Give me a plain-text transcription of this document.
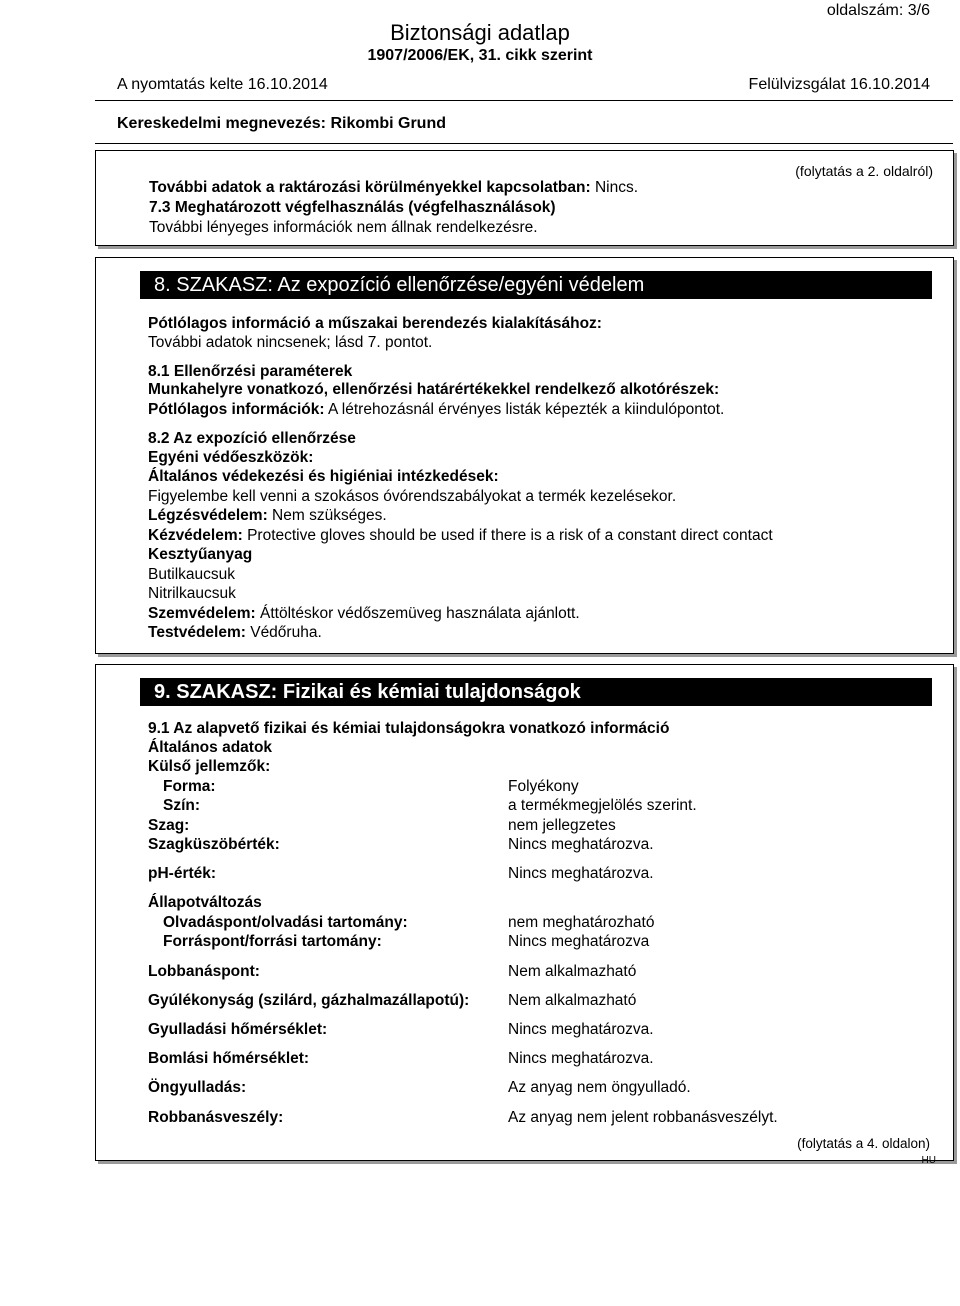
oldalszám: 3/6
Biztonsági adatlap
1907/2006/EK, 31. cikk szerint
A nyomtatás kelte 16.10.2014	Felülvizsgálat 16.10.2014
Kereskedelmi megnevezés: Rikombi Grund
(folytatás a 2. oldalról)
További adatok a raktározási körülményekkel kapcsolatban: Nincs.
7.3 Meghatározott végfelhasználás (végfelhasználások)
További lényeges információk nem állnak rendelkezésre.
8. SZAKASZ: Az expozíció ellenőrzése/egyéni védelem
Pótlólagos információ a műszakai berendezés kialakításához:
További adatok nincsenek; lásd 7. pontot.
8.1 Ellenőrzési paraméterek
Munkahelyre vonatkozó, ellenőrzési határértékekkel rendelkező alkotórészek:
Pótlólagos információk: A létrehozásnál érvényes listák képezték a kiindulópontot.
8.2 Az expozíció ellenőrzése
Egyéni védőeszközök:
Általános védekezési és higiéniai intézkedések:
Figyelembe kell venni a szokásos óvórendszabályokat a termék kezelésekor.
Légzésvédelem: Nem szükséges.
Kézvédelem: Protective gloves should be used if there is a risk of a constant direct contact
Kesztyűanyag
Butilkaucsuk
Nitrilkaucsuk
Szemvédelem: Áttöltéskor védőszemüveg használata ajánlott.
Testvédelem: Védőruha.
9. SZAKASZ: Fizikai és kémiai tulajdonságok
9.1 Az alapvető fizikai és kémiai tulajdonságokra vonatkozó információ
Általános adatok
Külső jellemzők:
Forma:	Folyékony
Szín:	a termékmegjelölés szerint.
Szag:	nem jellegzetes
Szagküszöbérték:	Nincs meghatározva.
pH-érték:	Nincs meghatározva.
Állapotváltozás
Olvadáspont/olvadási tartomány:	nem meghatározható
Forráspont/forrási tartomány:	Nincs meghatározva
Lobbanáspont:	Nem alkalmazható
Gyúlékonyság (szilárd, gázhalmazállapotú): Nem alkalmazható
Gyulladási hőmérséklet:	Nincs meghatározva.
Bomlási hőmérséklet:	Nincs meghatározva.
Öngyulladás:	Az anyag nem öngyulladó.
Robbanásveszély:	Az anyag nem jelent robbanásveszélyt.
(folytatás a 4. oldalon)
HU
